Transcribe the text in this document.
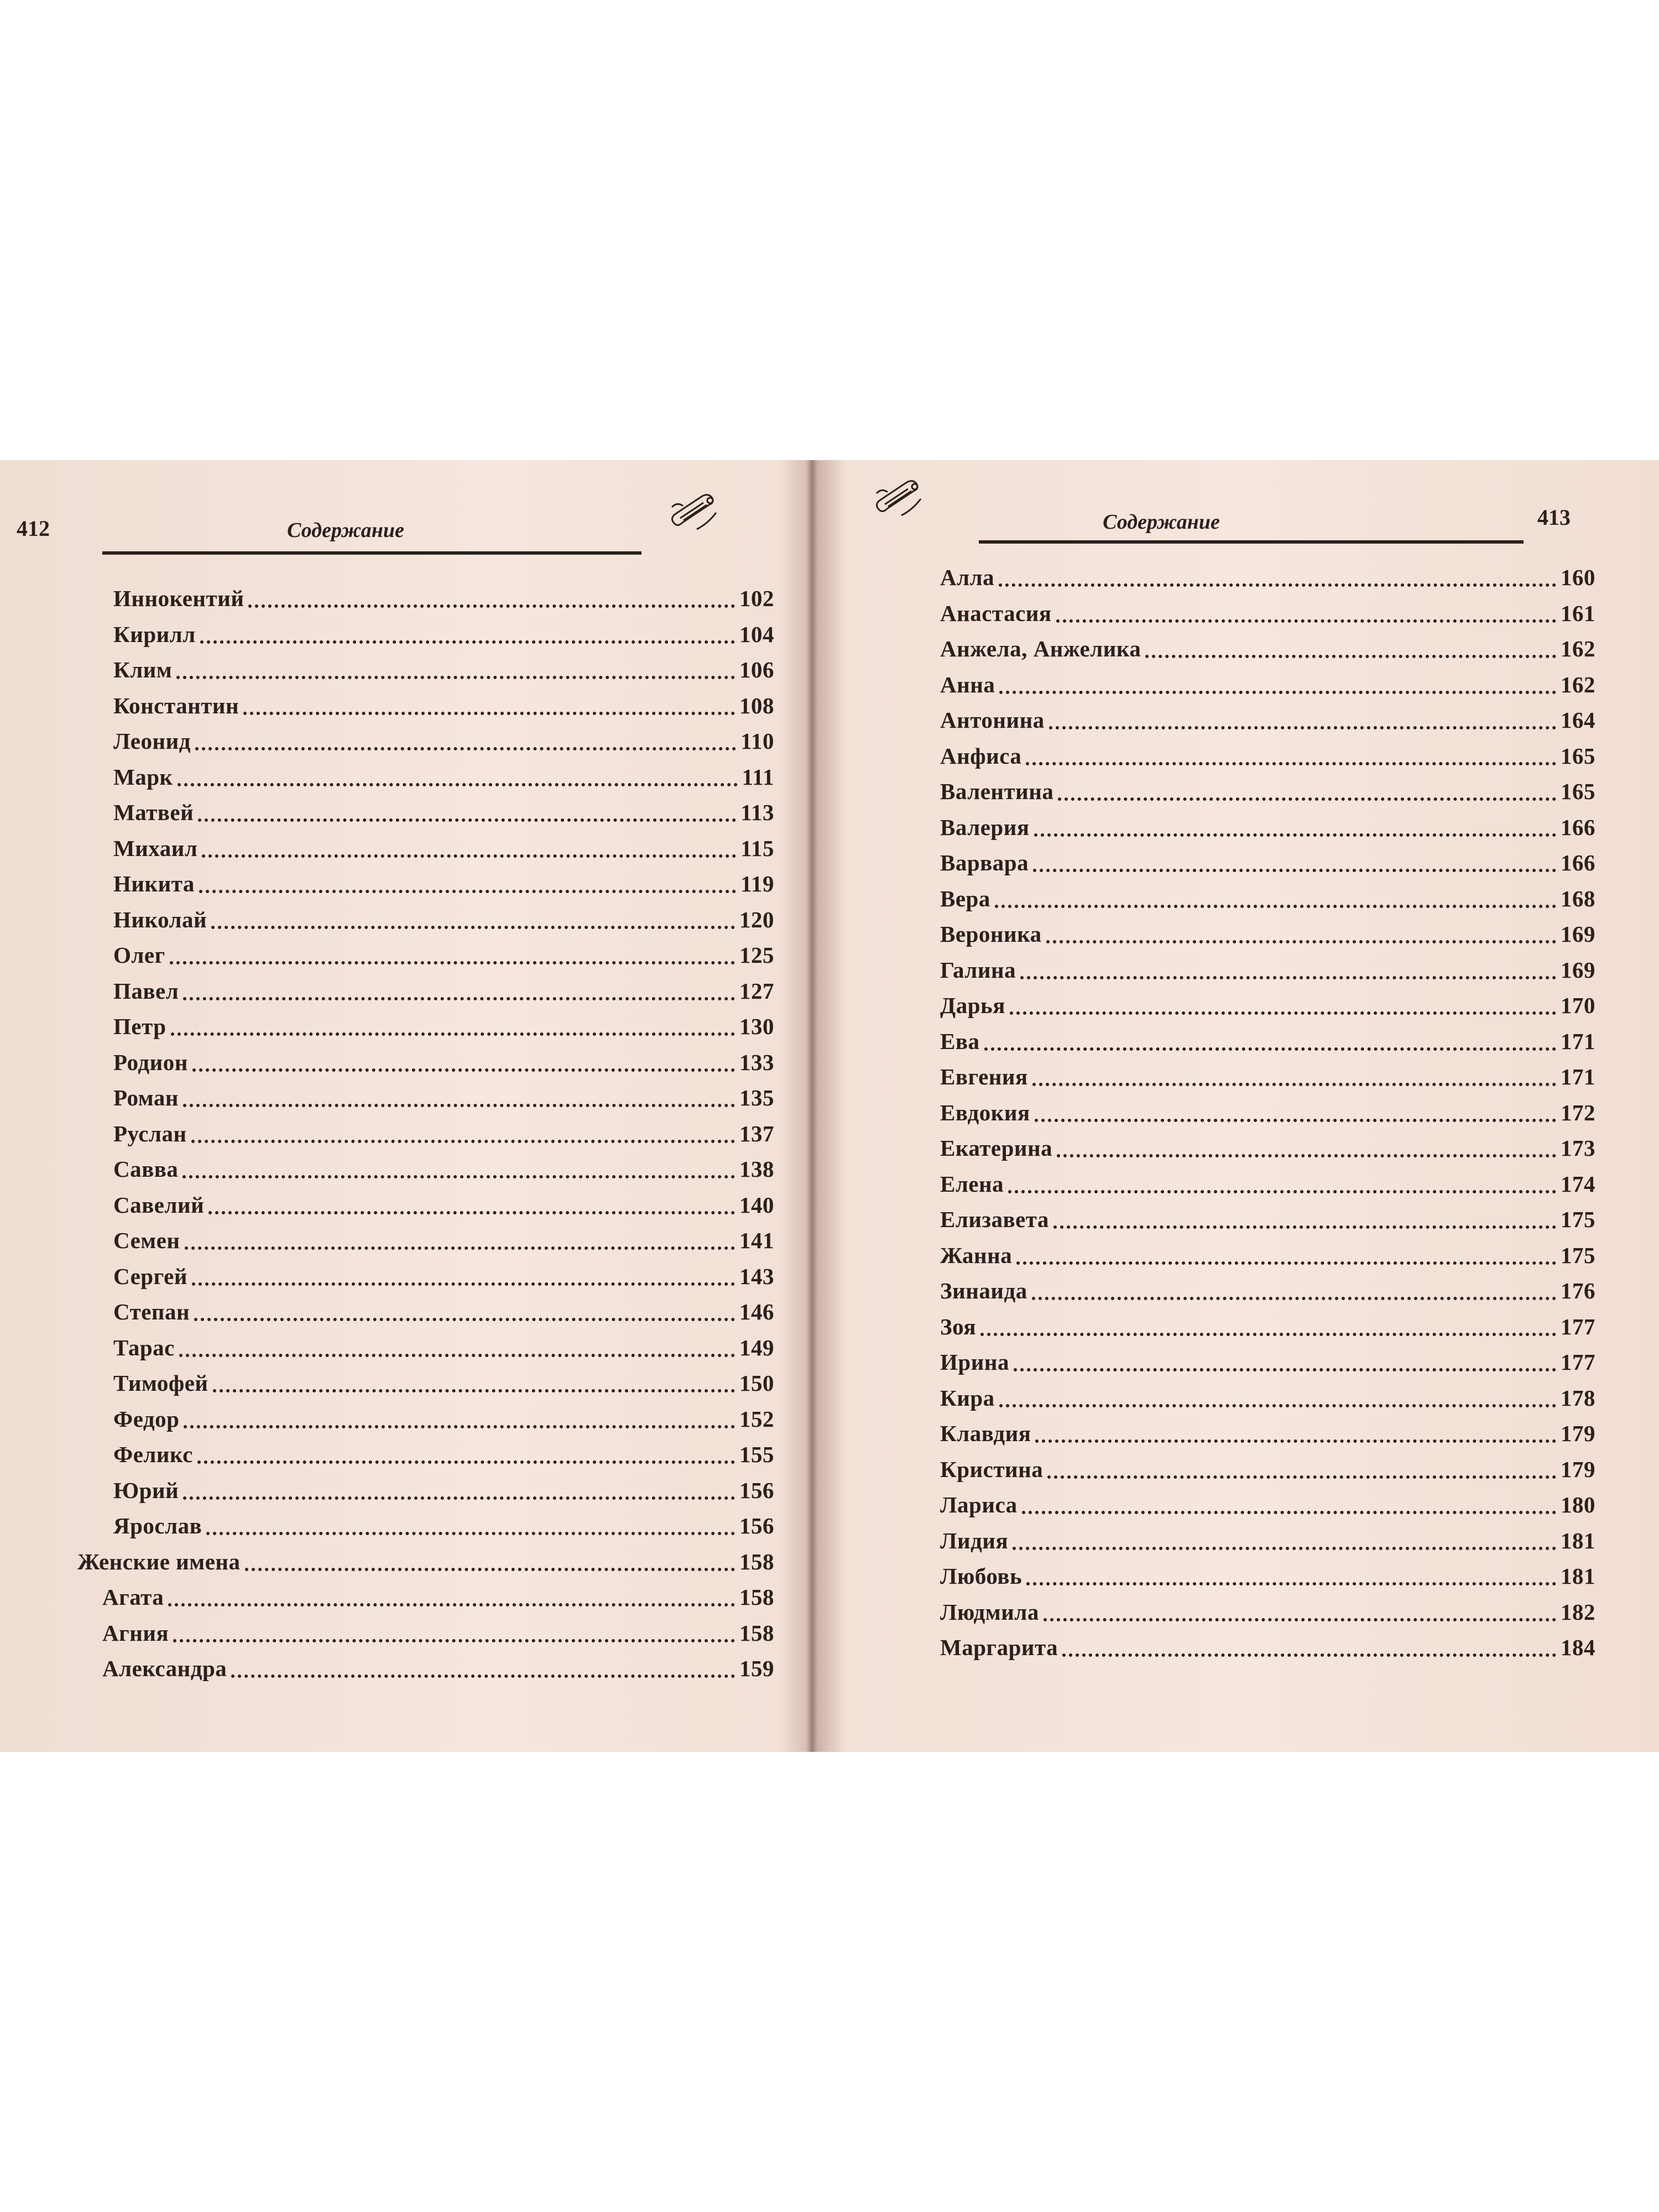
412	Содержание
Иннокентий	102
Кирилл	104
Клим	106
Константин	108
Леонид	110
Марк	111
Матвей	113
Михаил	115
Никита	119
Николай	120
Олег	125
Павел	127
Петр	130
Родион	133
Роман	135
Руслан	137
Савва	138
Савелий	140
Семен	141
Сергей	143
Степан	146
Тарас	149
Тимофей	150
Федор	152
Феликс	155
Юрий	156
Ярослав	156
Женские имена	158
Агата	158
Агния	158
Александра	159
Содержание	413
Алла	160
Анастасия	161
Анжела, Анжелика	162
Анна	162
Антонина	164
Анфиса	165
Валентина	165
Валерия	166
Варвара	166
Вера	168
Вероника	169
Галина	169
Дарья	170
Ева	171
Евгения	171
Евдокия	172
Екатерина	173
Елена	174
Елизавета	175
Жанна	175
Зинаида	176
Зоя	177
Ирина	177
Кира	178
Клавдия	179
Кристина	179
Лариса	180
Лидия	181
Любовь	181
Людмила	182
Маргарита	184
